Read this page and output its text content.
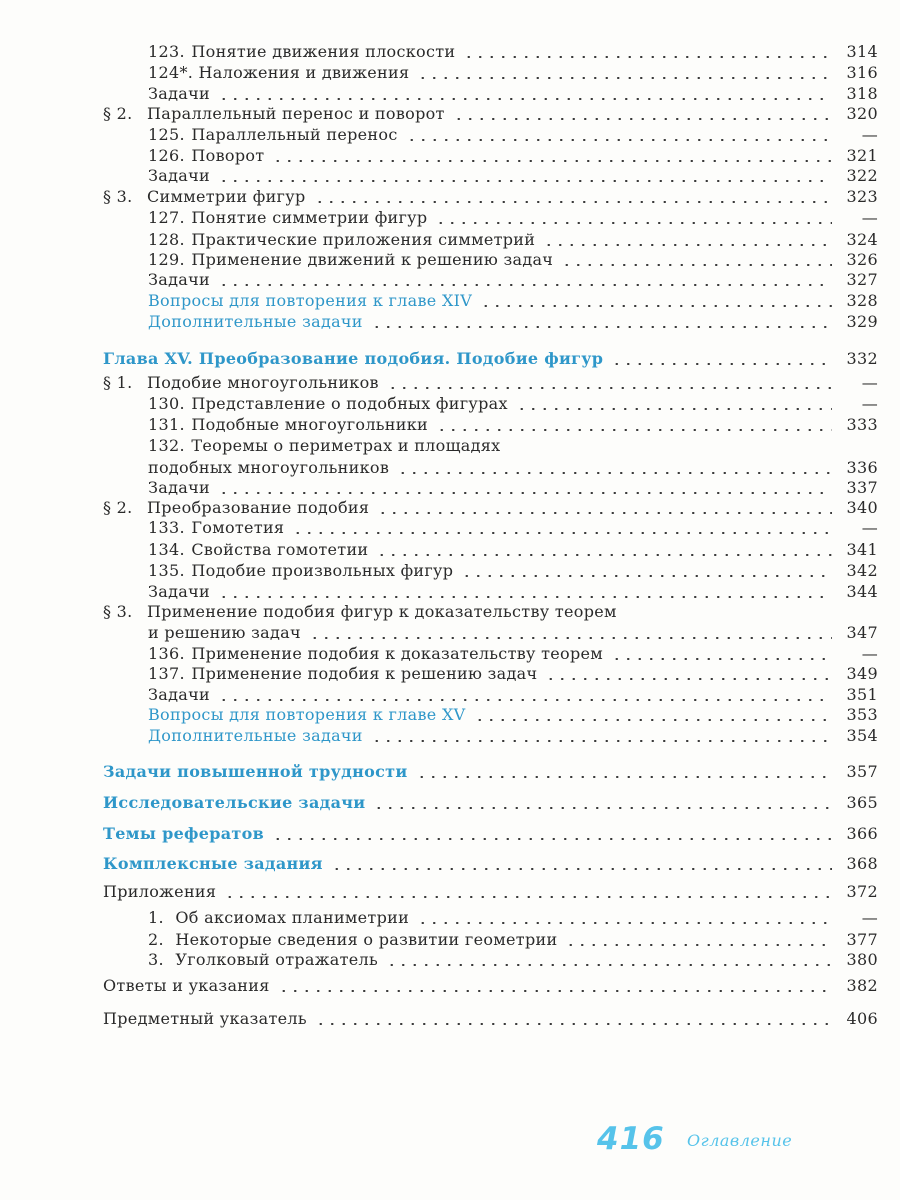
123. Понятие движения плоскости	314
124*. Наложения и движения	316
Задачи	318
§ 2. Параллельный перенос и поворот	320
125. Параллельный перенос	—
126. Поворот	321
Задачи	322
§ 3. Симметрии фигур	323
127. Понятие симметрии фигур	—
128. Практические приложения симметрий	324
129. Применение движений к решению задач	326
Задачи	327
Вопросы для повторения к главе XIV	328
Дополнительные задачи	329
Глава XV. Преобразование подобия. Подобие фигур	332
§ 1. Подобие многоугольников	—
130. Представление о подобных фигурах	—
131. Подобные многоугольники	333
132. Теоремы о периметрах и площадях
подобных многоугольников	336
Задачи	337
§ 2. Преобразование подобия	340
133. Гомотетия	—
134. Свойства гомотетии	341
135. Подобие произвольных фигур	342
Задачи	344
§ 3. Применение подобия фигур к доказательству теорем
и решению задач	347
136. Применение подобия к доказательству теорем	—
137. Применение подобия к решению задач	349
Задачи	351
Вопросы для повторения к главе XV	353
Дополнительные задачи	354
Задачи повышенной трудности	357
Исследовательские задачи	365
Темы рефератов	366
Комплексные задания	368
Приложения	372
1. Об аксиомах планиметрии	—
2. Некоторые сведения о развитии геометрии	377
3. Уголковый отражатель	380
Ответы и указания	382
Предметный указатель	406
416 Оглавление
